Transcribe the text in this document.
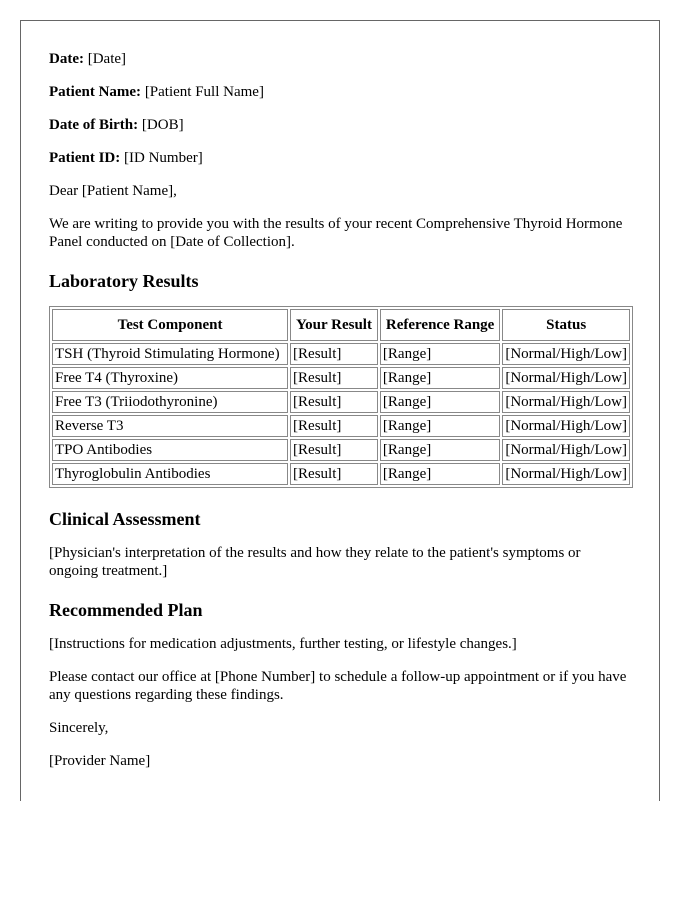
Date: [Date]

Patient Name: [Patient Full Name]

Date of Birth: [DOB]

Patient ID: [ID Number]

Dear [Patient Name],

We are writing to provide you with the results of your recent Comprehensive Thyroid Hormone Panel conducted on [Date of Collection].

Laboratory Results
Test Component	Your Result	Reference Range	Status
TSH (Thyroid Stimulating Hormone)	[Result]	[Range]	[Normal/High/Low]
Free T4 (Thyroxine)	[Result]	[Range]	[Normal/High/Low]
Free T3 (Triiodothyronine)	[Result]	[Range]	[Normal/High/Low]
Reverse T3	[Result]	[Range]	[Normal/High/Low]
TPO Antibodies	[Result]	[Range]	[Normal/High/Low]
Thyroglobulin Antibodies	[Result]	[Range]	[Normal/High/Low]
Clinical Assessment

[Physician's interpretation of the results and how they relate to the patient's symptoms or ongoing treatment.]

Recommended Plan

[Instructions for medication adjustments, further testing, or lifestyle changes.]

Please contact our office at [Phone Number] to schedule a follow-up appointment or if you have any questions regarding these findings.

Sincerely,

[Provider Name]
